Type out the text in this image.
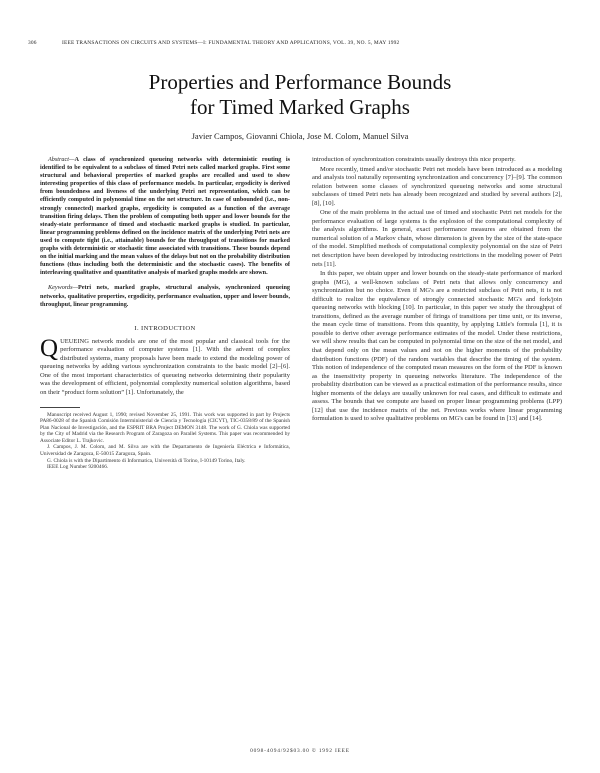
306	IEEE TRANSACTIONS ON CIRCUITS AND SYSTEMS—I: FUNDAMENTAL THEORY AND APPLICATIONS, VOL. 39, NO. 5, MAY 1992
Properties and Performance Bounds
for Timed Marked Graphs
Javier Campos, Giovanni Chiola, Jose M. Colom, Manuel Silva

Abstract—A class of synchronized queueing networks with deterministic routing is identified to be equivalent to a subclass of timed Petri nets called marked graphs. First some structural and behavioral properties of marked graphs are recalled and used to show interesting properties of this class of performance models. In particular, ergodicity is derived from boundedness and liveness of the underlying Petri net representation, which can be efficiently computed in polynomial time on the net structure. In case of unbounded (i.e., non-strongly connected) marked graphs, ergodicity is computed as a function of the average transition firing delays. Then the problem of computing both upper and lower bounds for the steady-state performance of timed and stochastic marked graphs is studied. In particular, linear programming problems defined on the incidence matrix of the underlying Petri nets are used to compute tight (i.e., attainable) bounds for the throughput of transitions for marked graphs with deterministic or stochastic time associated with transitions. These bounds depend on the initial marking and the mean values of the delays but not on the probability distribution functions (thus including both the deterministic and the stochastic cases). The benefits of interleaving qualitative and quantitative analysis of marked graphs models are shown.

Keywords—Petri nets, marked graphs, structural analysis, synchronized queueing networks, qualitative properties, ergodicity, performance evaluation, upper and lower bounds, throughput, linear programming.

I. INTRODUCTION

QUEUEING network models are one of the most popular and classical tools for the performance evaluation of computer systems [1]. With the advent of complex distributed systems, many proposals have been made to extend the modeling power of queueing networks by adding various synchronization constraints to the basic model [2]–[6]. One of the most important characteristics of queueing networks determining their popularity was the development of efficient, polynomial complexity numerical solution algorithms, based on their “product form solution” [1]. Unfortunately, the

Manuscript received August 1, 1990; revised November 25, 1991. This work was supported in part by Projects PA86-0028 of the Spanish Comisión Interministerial de Ciencia y Tecnología (CICYT), TIC-0358/89 of the Spanish Plan Nacional de Investigación, and the ESPRIT BRA Project DEMON 3148. The work of G. Chiola was supported by the City of Madrid via the Research Program of Zaragoza on Parallel Systems. This paper was recommended by Associate Editor L. Trajkovic.

J. Campos, J. M. Colom, and M. Silva are with the Departamento de Ingeniería Eléctrica e Informática, Universidad de Zaragoza, E-50015 Zaragoza, Spain.

G. Chiola is with the Dipartimento di Informatica, Università di Torino, I-10149 Torino, Italy.

IEEE Log Number 9200466.

introduction of synchronization constraints usually destroys this nice property.

More recently, timed and/or stochastic Petri net models have been introduced as a modeling and analysis tool naturally representing synchronization and concurrency [7]–[9]. The common relation between some classes of synchronized queueing networks and some structural subclasses of timed Petri nets has already been recognized and studied by several authors [2], [8], [10].

One of the main problems in the actual use of timed and stochastic Petri net models for the performance evaluation of large systems is the explosion of the computational complexity of the analysis algorithms. In general, exact performance measures are obtained from the numerical solution of a Markov chain, whose dimension is given by the size of the state-space of the model. Simplified methods of computational complexity polynomial on the size of Petri net description have been developed by introducing restrictions in the modeling power of Petri nets [11].

In this paper, we obtain upper and lower bounds on the steady-state performance of marked graphs (MG), a well-known subclass of Petri nets that allows only concurrency and synchronization but no choice. Even if MG's are a restricted subclass of Petri nets, it is not difficult to realize the equivalence of strongly connected stochastic MG's and fork/join queueing networks with blocking [10]. In particular, in this paper we study the throughput of transitions, defined as the average number of firings of transitions per time unit, or its inverse, the mean cycle time of transitions. From this quantity, by applying Little's formula [1], it is possible to derive other average performance estimates of the model. Under these restrictions, we will show results that can be computed in polynomial time on the size of the net model, and that depend only on the mean values and not on the higher moments of the probability distribution functions (PDF) of the random variables that describe the timing of the system. This notion of independence of the computed mean measures on the form of the PDF is known as the insensitivity property in queueing networks literature. The independence of the probability distribution can be viewed as a practical estimation of the performance results, since higher moments of the delays are usually unknown for real cases, and difficult to estimate and assess. The bounds that we compute are based on proper linear programming problems (LPP) [12] that use the incidence matrix of the net. Previous works where linear programming formulation is used to solve qualitative problems on MG's can be found in [13] and [14].

0098-4094/92$03.00 © 1992 IEEE
